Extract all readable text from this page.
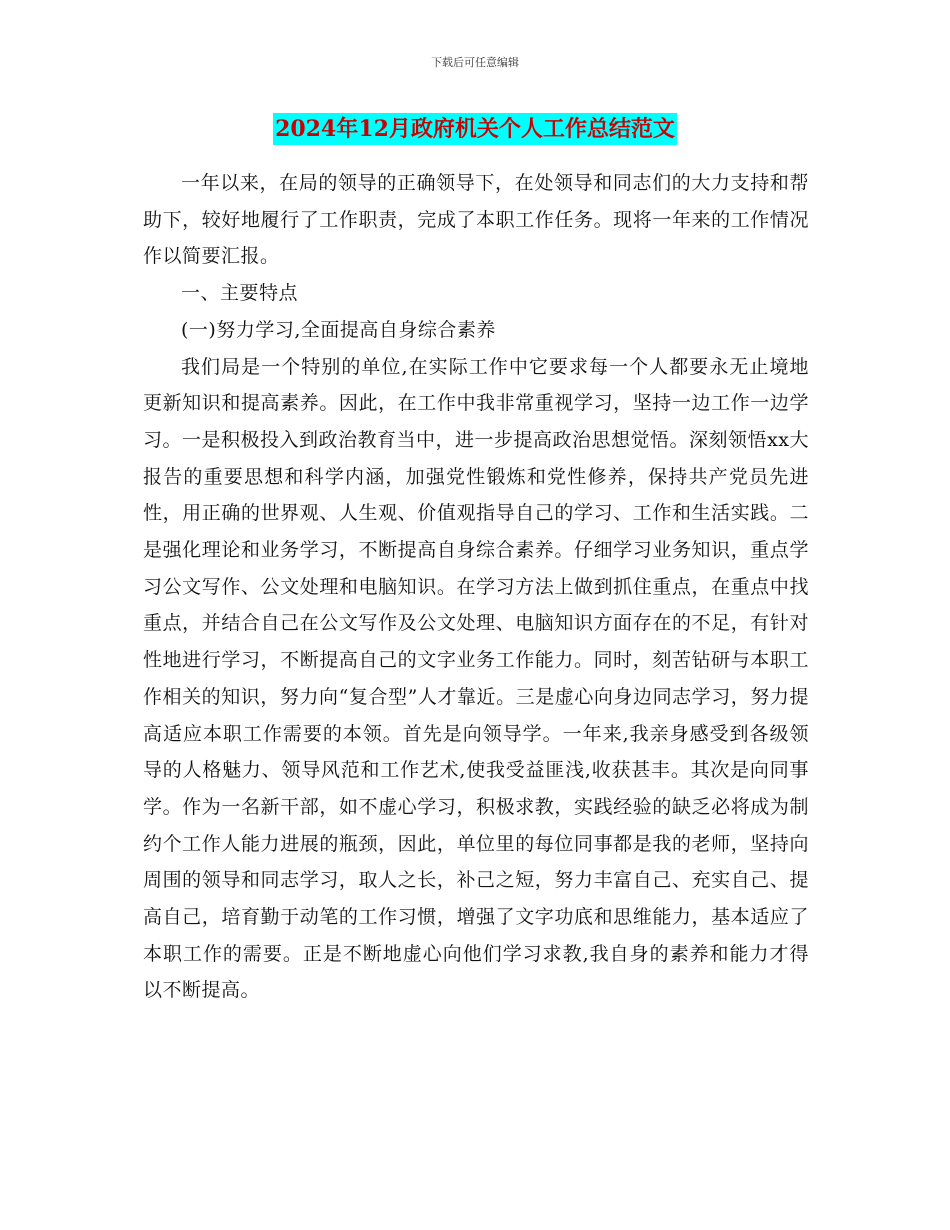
下载后可任意编辑
2024年12月政府机关个人工作总结范文

一年以来，在局的领导的正确领导下，在处领导和同志们的大力支持和帮助下，较好地履行了工作职责，完成了本职工作任务。现将一年来的工作情况作以简要汇报。

一、主要特点

(一)努力学习,全面提高自身综合素养

我们局是一个特别的单位,在实际工作中它要求每一个人都要永无止境地更新知识和提高素养。因此，在工作中我非常重视学习，坚持一边工作一边学习。一是积极投入到政治教育当中，进一步提高政治思想觉悟。深刻领悟xx大报告的重要思想和科学内涵，加强党性锻炼和党性修养，保持共产党员先进性，用正确的世界观、人生观、价值观指导自己的学习、工作和生活实践。二是强化理论和业务学习，不断提高自身综合素养。仔细学习业务知识，重点学习公文写作、公文处理和电脑知识。在学习方法上做到抓住重点，在重点中找重点，并结合自己在公文写作及公文处理、电脑知识方面存在的不足，有针对性地进行学习，不断提高自己的文字业务工作能力。同时，刻苦钻研与本职工作相关的知识，努力向“复合型”人才靠近。三是虚心向身边同志学习，努力提高适应本职工作需要的本领。首先是向领导学。一年来,我亲身感受到各级领导的人格魅力、领导风范和工作艺术,使我受益匪浅,收获甚丰。其次是向同事学。作为一名新干部，如不虚心学习，积极求教，实践经验的缺乏必将成为制约个工作人能力进展的瓶颈，因此，单位里的每位同事都是我的老师，坚持向周围的领导和同志学习，取人之长，补己之短，努力丰富自己、充实自己、提高自己，培育勤于动笔的工作习惯，增强了文字功底和思维能力，基本适应了本职工作的需要。正是不断地虚心向他们学习求教,我自身的素养和能力才得以不断提高。
